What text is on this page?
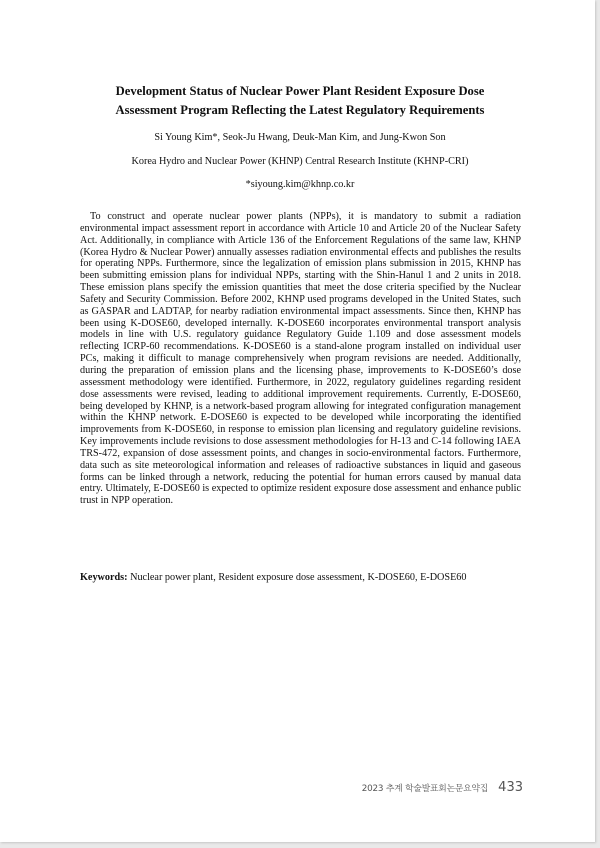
Development Status of Nuclear Power Plant Resident Exposure Dose Assessment Program Reflecting the Latest Regulatory Requirements
Si Young Kim*, Seok-Ju Hwang, Deuk-Man Kim, and Jung-Kwon Son
Korea Hydro and Nuclear Power (KHNP) Central Research Institute (KHNP-CRI)
*siyoung.kim@khnp.co.kr

To construct and operate nuclear power plants (NPPs), it is mandatory to submit a radiation environmental impact assessment report in accordance with Article 10 and Article 20 of the Nuclear Safety Act. Additionally, in compliance with Article 136 of the Enforcement Regulations of the same law, KHNP (Korea Hydro & Nuclear Power) annually assesses radiation environmental effects and publishes the results for operating NPPs. Furthermore, since the legalization of emission plans submission in 2015, KHNP has been submitting emission plans for individual NPPs, starting with the Shin-Hanul 1 and 2 units in 2018. These emission plans specify the emission quantities that meet the dose criteria specified by the Nuclear Safety and Security Commission. Before 2002, KHNP used programs developed in the United States, such as GASPAR and LADTAP, for nearby radiation environmental impact assessments. Since then, KHNP has been using K-DOSE60, developed internally. K-DOSE60 incorporates environmental transport analysis models in line with U.S. regulatory guidance Regulatory Guide 1.109 and dose assessment models reflecting ICRP-60 recommendations. K-DOSE60 is a stand-alone program installed on individual user PCs, making it difficult to manage comprehensively when program revisions are needed. Additionally, during the preparation of emission plans and the licensing phase, improvements to K-DOSE60’s dose assessment methodology were identified. Furthermore, in 2022, regulatory guidelines regarding resident dose assessments were revised, leading to additional improvement requirements. Currently, E-DOSE60, being developed by KHNP, is a network-based program allowing for integrated configuration management within the KHNP network. E-DOSE60 is expected to be developed while incorporating the identified improvements from K-DOSE60, in response to emission plan licensing and regulatory guideline revisions. Key improvements include revisions to dose assessment methodologies for H-13 and C-14 following IAEA TRS-472, expansion of dose assessment points, and changes in socio-environmental factors. Furthermore, data such as site meteorological information and releases of radioactive substances in liquid and gaseous forms can be linked through a network, reducing the potential for human errors caused by manual data entry. Ultimately, E-DOSE60 is expected to optimize resident exposure dose assessment and enhance public trust in NPP operation.

Keywords: Nuclear power plant, Resident exposure dose assessment, K-DOSE60, E-DOSE60

2023 추계 학술발표회논문요약집 433
